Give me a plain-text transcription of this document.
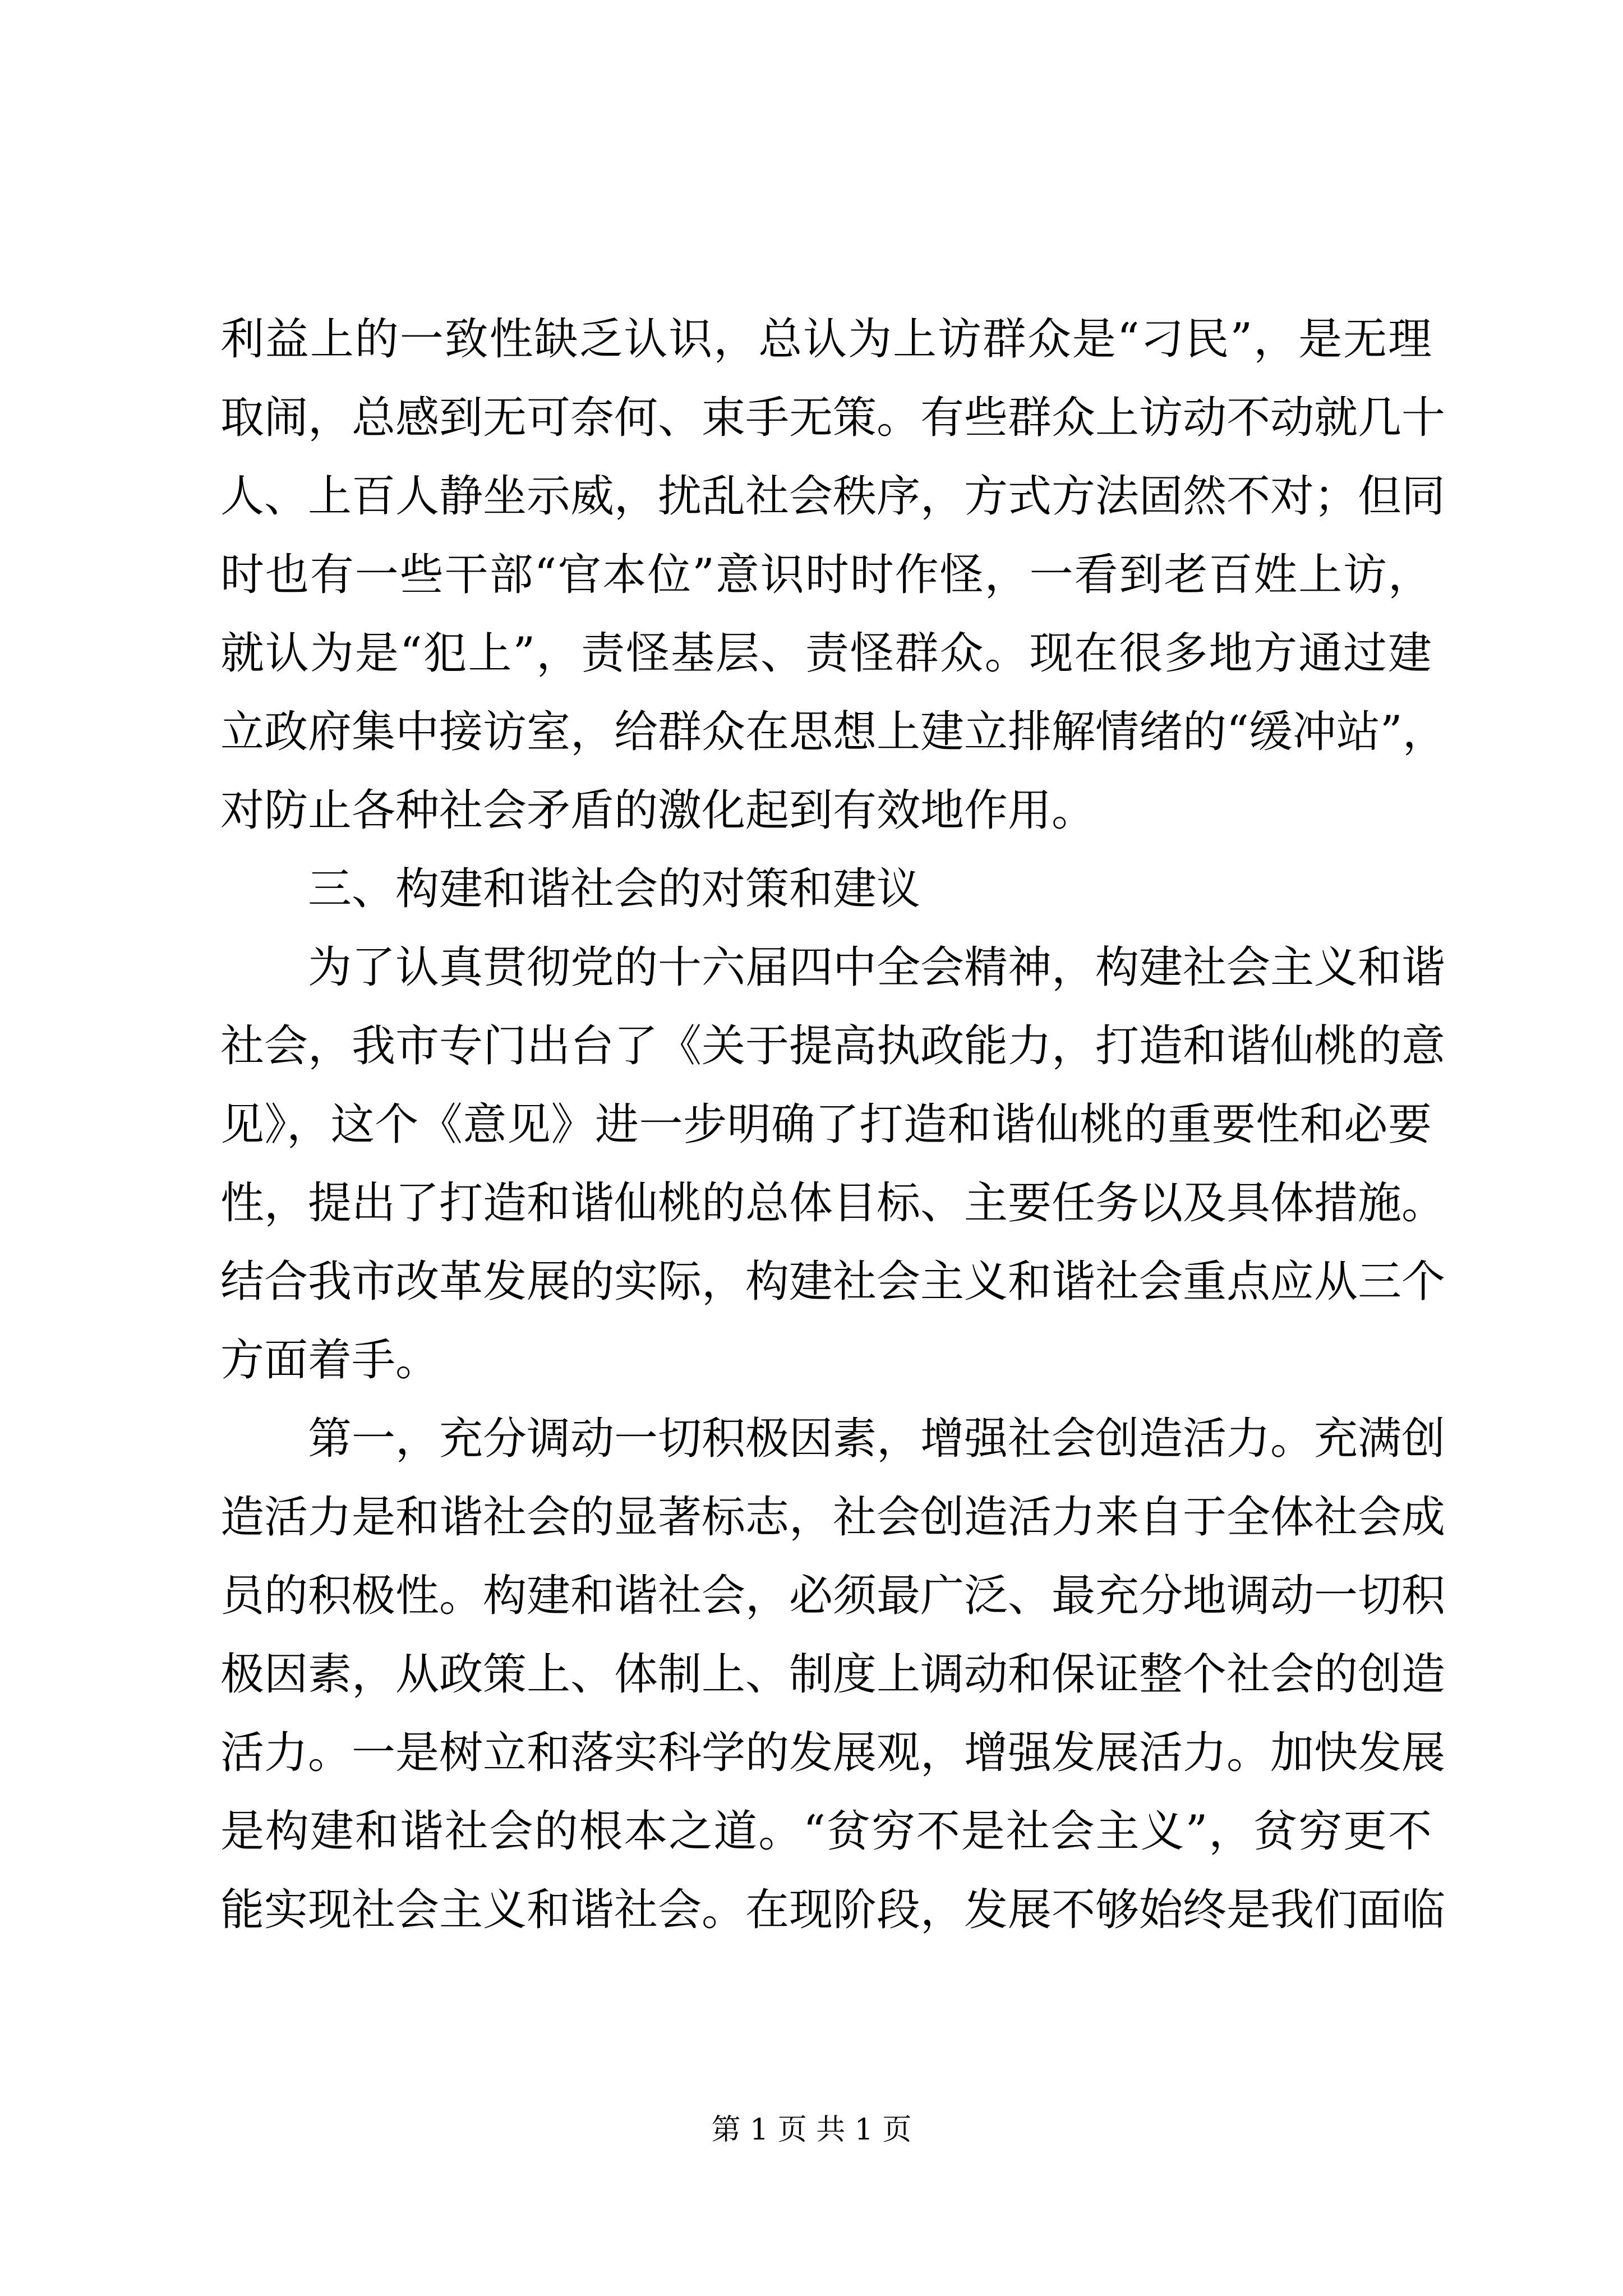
利益上的一致性缺乏认识，总认为上访群众是“刁民”，是无理
取闹，总感到无可奈何、束手无策。有些群众上访动不动就几十
人、上百人静坐示威，扰乱社会秩序，方式方法固然不对；但同
时也有一些干部“官本位”意识时时作怪，一看到老百姓上访，
就认为是“犯上”，责怪基层、责怪群众。现在很多地方通过建
立政府集中接访室，给群众在思想上建立排解情绪的“缓冲站”，
对防止各种社会矛盾的激化起到有效地作用。
三、构建和谐社会的对策和建议
为了认真贯彻党的十六届四中全会精神，构建社会主义和谐
社会，我市专门出台了《关于提高执政能力，打造和谐仙桃的意
见》，这个《意见》进一步明确了打造和谐仙桃的重要性和必要
性，提出了打造和谐仙桃的总体目标、主要任务以及具体措施。
结合我市改革发展的实际，构建社会主义和谐社会重点应从三个
方面着手。
第一，充分调动一切积极因素，增强社会创造活力。充满创
造活力是和谐社会的显著标志，社会创造活力来自于全体社会成
员的积极性。构建和谐社会，必须最广泛、最充分地调动一切积
极因素，从政策上、体制上、制度上调动和保证整个社会的创造
活力。一是树立和落实科学的发展观，增强发展活力。加快发展
是构建和谐社会的根本之道。“贫穷不是社会主义”，贫穷更不
能实现社会主义和谐社会。在现阶段，发展不够始终是我们面临
第 1 页 共 1 页
